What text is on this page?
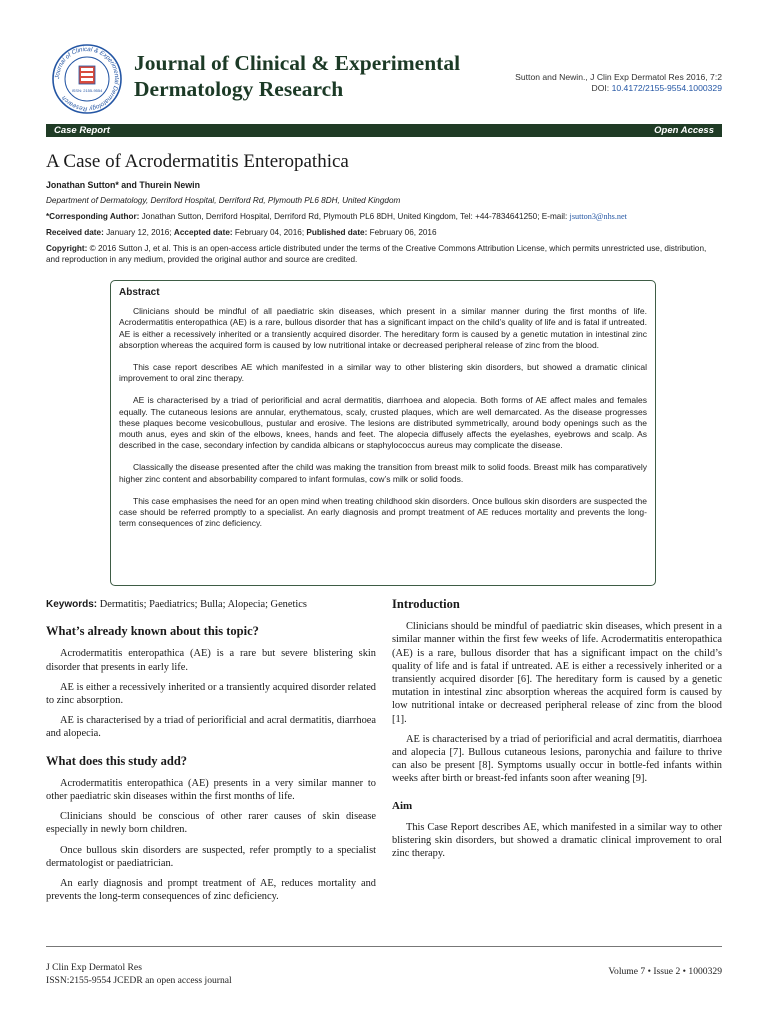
Journal of Clinical & Experimental Dermatology Research
ISSN: 2155-9554
Journal of Clinical & Experimental Dermatology Research	Sutton and Newin., J Clin Exp Dermatol Res 2016, 7:2
DOI: 10.4172/2155-9554.1000329
Case Report	Open Access
A Case of Acrodermatitis Enteropathica
Jonathan Sutton* and Thurein Newin
Department of Dermatology, Derriford Hospital, Derriford Rd, Plymouth PL6 8DH, United Kingdom
*Corresponding Author: Jonathan Sutton, Derriford Hospital, Derriford Rd, Plymouth PL6 8DH, United Kingdom, Tel: +44-7834641250; E-mail: jsutton3@nhs.net
Received date: January 12, 2016; Accepted date: February 04, 2016; Published date: February 06, 2016
Copyright: © 2016 Sutton J, et al. This is an open-access article distributed under the terms of the Creative Commons Attribution License, which permits unrestricted use, distribution, and reproduction in any medium, provided the original author and source are credited.
Abstract

Clinicians should be mindful of all paediatric skin diseases, which present in a similar manner during the first months of life. Acrodermatitis enteropathica (AE) is a rare, bullous disorder that has a significant impact on the child’s quality of life and is fatal if untreated. AE is either a recessively inherited or a transiently acquired disorder. The hereditary form is caused by a genetic mutation in intestinal zinc absorption whereas the acquired form is caused by low nutritional intake or decreased peripheral release of zinc from the blood.

This case report describes AE which manifested in a similar way to other blistering skin disorders, but showed a dramatic clinical improvement to oral zinc therapy.

AE is characterised by a triad of periorificial and acral dermatitis, diarrhoea and alopecia. Both forms of AE affect males and females equally. The cutaneous lesions are annular, erythematous, scaly, crusted plaques, which are well demarcated. As the disease progresses these plaques become vesicobullous, pustular and erosive. The lesions are distributed symmetrically, around body openings such as the mouth anus, eyes and skin of the elbows, knees, hands and feet. The alopecia diffusely affects the eyelashes, eyebrows and scalp. As described in the case, secondary infection by candida albicans or staphylococcus aureus may complicate the disease.

Classically the disease presented after the child was making the transition from breast milk to solid foods. Breast milk has comparatively higher zinc content and absorbability compared to infant formulas, cow’s milk or solid foods.

This case emphasises the need for an open mind when treating childhood skin disorders. Once bullous skin disorders are suspected the case should be referred promptly to a specialist. An early diagnosis and prompt treatment of AE reduces mortality and prevents the long-term consequences of zinc deficiency.

Keywords: Dermatitis; Paediatrics; Bulla; Alopecia; Genetics
What’s already known about this topic?

Acrodermatitis enteropathica (AE) is a rare but severe blistering skin disorder that presents in early life.

AE is either a recessively inherited or a transiently acquired disorder related to zinc absorption.

AE is characterised by a triad of periorificial and acral dermatitis, diarrhoea and alopecia.

What does this study add?

Acrodermatitis enteropathica (AE) presents in a very similar manner to other paediatric skin diseases within the first months of life.

Clinicians should be conscious of other rarer causes of skin disease especially in newly born children.

Once bullous skin disorders are suspected, refer promptly to a specialist dermatologist or paediatrician.

An early diagnosis and prompt treatment of AE, reduces mortality and prevents the long-term consequences of zinc deficiency.

Introduction

Clinicians should be mindful of paediatric skin diseases, which present in a similar manner within the first few weeks of life. Acrodermatitis enteropathica (AE) is a rare, bullous disorder that has a significant impact on the child’s quality of life and is fatal if untreated. AE is either a recessively inherited or a transiently acquired disorder [6]. The hereditary form is caused by a genetic mutation in intestinal zinc absorption whereas the acquired form is caused by low nutritional intake or decreased peripheral release of zinc from the blood [1].

AE is characterised by a triad of periorificial and acral dermatitis, diarrhoea and alopecia [7]. Bullous cutaneous lesions, paronychia and failure to thrive can also be present [8]. Symptoms usually occur in bottle-fed infants within weeks after birth or breast-fed infants soon after weaning [9].

Aim

This Case Report describes AE, which manifested in a similar way to other blistering skin disorders, but showed a dramatic clinical improvement to oral zinc therapy.

J Clin Exp Dermatol Res
ISSN:2155-9554 JCEDR an open access journal
Volume 7 • Issue 2 • 1000329
